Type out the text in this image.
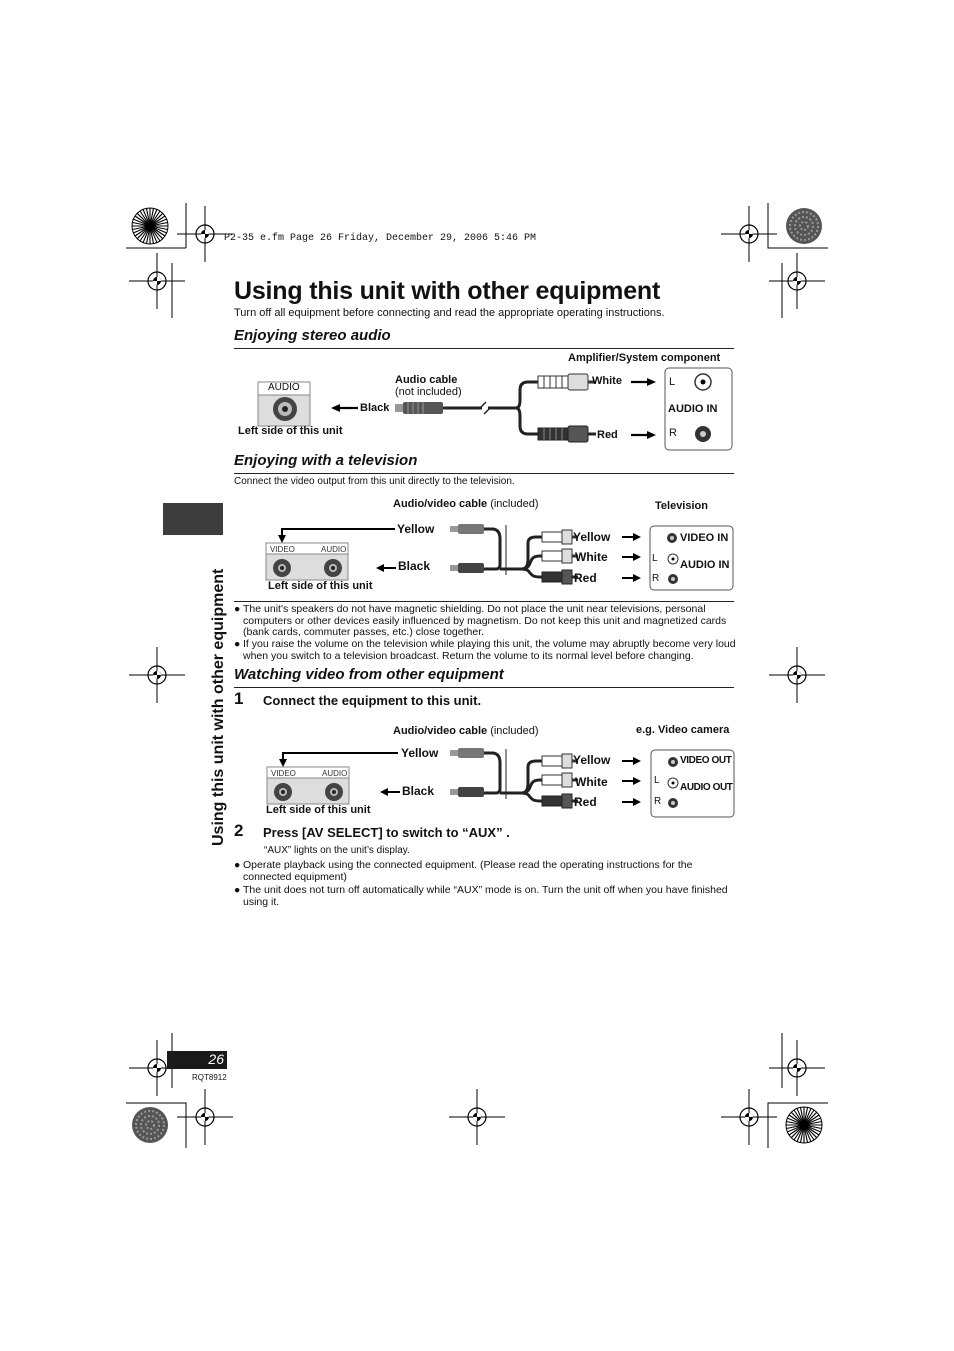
P2-35 e.fm Page 26 Friday, December 29, 2006 5:46 PM
Using this unit with other equipment
Turn off all equipment before connecting and read the appropriate operating instructions.
Using this unit with other equipment
Enjoying stereo audio
Amplifier/System component
AUDIO
Black
Audio cable
(not included)
White
Red
Left side of this unit
L
AUDIO IN
R
Enjoying with a television
Connect the video output from this unit directly to the television.
Audio/video cable (included)	Television
VIDEO	AUDIO
Yellow
Black
Left side of this unit
Yellow
White
Red
VIDEO IN
L
AUDIO IN
R
● The unit's speakers do not have magnetic shielding. Do not place the unit near televisions, personal computers or other devices easily influenced by magnetism. Do not keep this unit and magnetized cards (bank cards, commuter passes, etc.) close together.
● If you raise the volume on the television while playing this unit, the volume may abruptly become very loud when you switch to a television broadcast. Return the volume to its normal level before changing.
Watching video from other equipment
1 Connect the equipment to this unit.
Audio/video cable (included)	e.g. Video camera
VIDEO	AUDIO
Yellow
Black
Left side of this unit
Yellow
White
Red
VIDEO OUT
L
AUDIO OUT
R
2 Press [AV SELECT] to switch to “AUX” .
“AUX” lights on the unit’s display.
● Operate playback using the connected equipment. (Please read the operating instructions for the connected equipment)
● The unit does not turn off automatically while “AUX” mode is on. Turn the unit off when you have finished using it.
26
RQT8912
